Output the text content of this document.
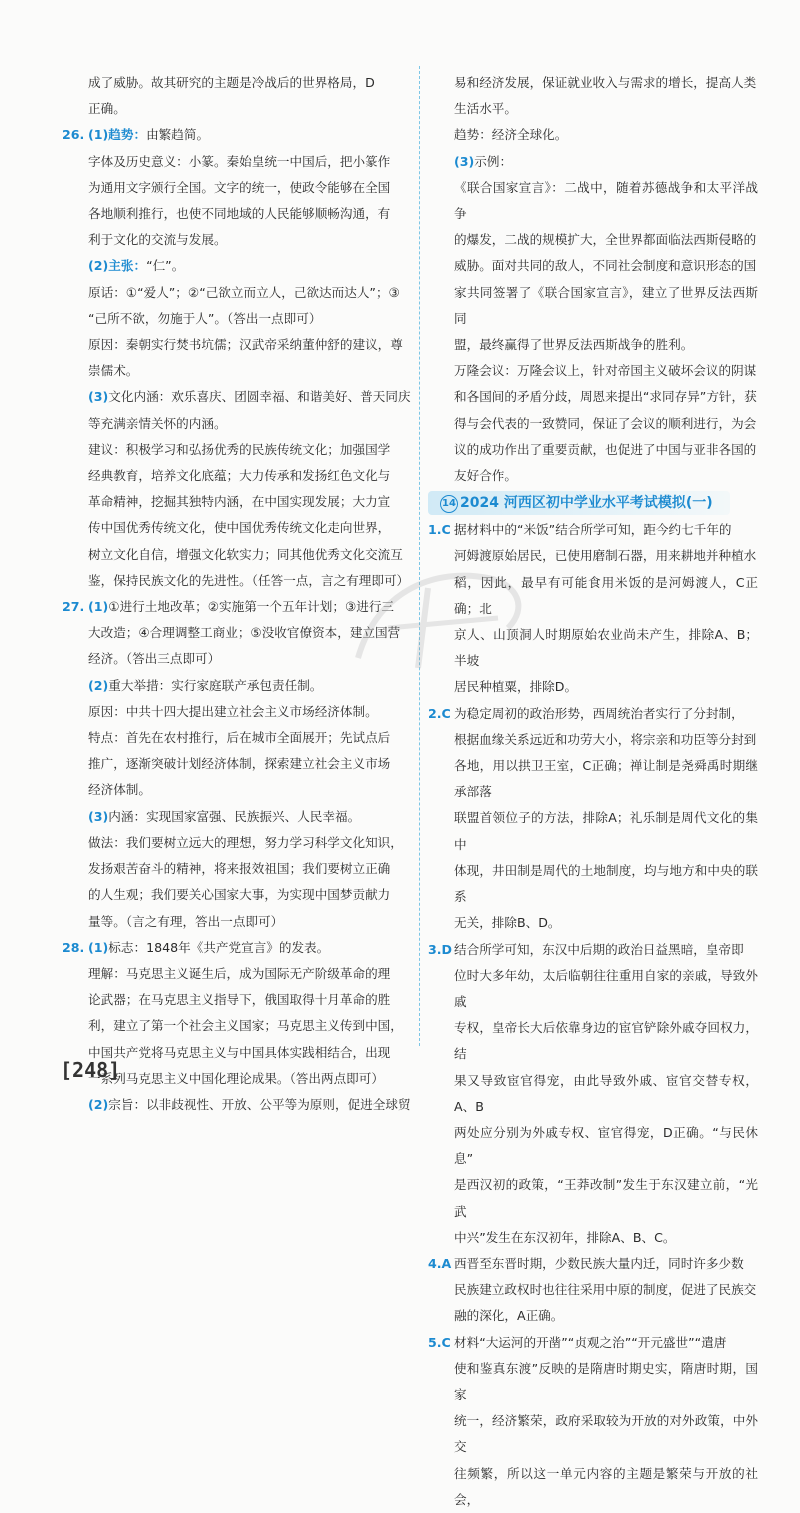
成了威胁。故其研究的主题是冷战后的世界格局，D

正确。

26. (1)趋势：由繁趋简。

字体及历史意义：小篆。秦始皇统一中国后，把小篆作

为通用文字颁行全国。文字的统一，使政令能够在全国

各地顺利推行，也使不同地域的人民能够顺畅沟通，有

利于文化的交流与发展。

(2)主张：“仁”。

原话：①“爱人”；②“己欲立而立人，己欲达而达人”；③

“己所不欲，勿施于人”。（答出一点即可）

原因：秦朝实行焚书坑儒；汉武帝采纳董仲舒的建议，尊

崇儒术。

(3)文化内涵：欢乐喜庆、团圆幸福、和谐美好、普天同庆

等充满亲情关怀的内涵。

建议：积极学习和弘扬优秀的民族传统文化；加强国学

经典教育，培养文化底蕴；大力传承和发扬红色文化与

革命精神，挖掘其独特内涵，在中国实现发展；大力宣

传中国优秀传统文化，使中国优秀传统文化走向世界，

树立文化自信，增强文化软实力；同其他优秀文化交流互

鉴，保持民族文化的先进性。（任答一点，言之有理即可）

27. (1)①进行土地改革；②实施第一个五年计划；③进行三

大改造；④合理调整工商业；⑤没收官僚资本，建立国营

经济。（答出三点即可）

(2)重大举措：实行家庭联产承包责任制。

原因：中共十四大提出建立社会主义市场经济体制。

特点：首先在农村推行，后在城市全面展开；先试点后

推广，逐渐突破计划经济体制，探索建立社会主义市场

经济体制。

(3)内涵：实现国家富强、民族振兴、人民幸福。

做法：我们要树立远大的理想，努力学习科学文化知识，

发扬艰苦奋斗的精神，将来报效祖国；我们要树立正确

的人生观；我们要关心国家大事，为实现中国梦贡献力

量等。（言之有理，答出一点即可）

28. (1)标志：1848年《共产党宣言》的发表。

理解：马克思主义诞生后，成为国际无产阶级革命的理

论武器；在马克思主义指导下，俄国取得十月革命的胜

利，建立了第一个社会主义国家；马克思主义传到中国，

中国共产党将马克思主义与中国具体实践相结合，出现

一系列马克思主义中国化理论成果。（答出两点即可）

(2)宗旨：以非歧视性、开放、公平等为原则，促进全球贸

易和经济发展，保证就业收入与需求的增长，提高人类

生活水平。

趋势：经济全球化。

(3)示例：

《联合国家宣言》：二战中，随着苏德战争和太平洋战争

的爆发，二战的规模扩大，全世界都面临法西斯侵略的

威胁。面对共同的敌人，不同社会制度和意识形态的国

家共同签署了《联合国家宣言》，建立了世界反法西斯同

盟，最终赢得了世界反法西斯战争的胜利。

万隆会议：万隆会议上，针对帝国主义破坏会议的阴谋

和各国间的矛盾分歧，周恩来提出“求同存异”方针，获

得与会代表的一致赞同，保证了会议的顺利进行，为会

议的成功作出了重要贡献，也促进了中国与亚非各国的

友好合作。

14 2024 河西区初中学业水平考试模拟(一)

1.C 据材料中的“米饭”结合所学可知，距今约七千年的

河姆渡原始居民，已使用磨制石器，用来耕地并种植水

稻，因此，最早有可能食用米饭的是河姆渡人，C正确；北

京人、山顶洞人时期原始农业尚未产生，排除A、B；半坡

居民种植粟，排除D。

2.C 为稳定周初的政治形势，西周统治者实行了分封制，

根据血缘关系远近和功劳大小，将宗亲和功臣等分封到

各地，用以拱卫王室，C正确；禅让制是尧舜禹时期继承部落

联盟首领位子的方法，排除A；礼乐制是周代文化的集中

体现，井田制是周代的土地制度，均与地方和中央的联系

无关，排除B、D。

3.D 结合所学可知，东汉中后期的政治日益黑暗，皇帝即

位时大多年幼，太后临朝往往重用自家的亲戚，导致外戚

专权，皇帝长大后依靠身边的宦官铲除外戚夺回权力，结

果又导致宦官得宠，由此导致外戚、宦官交替专权，A、B

两处应分别为外戚专权、宦官得宠，D正确。“与民休息”

是西汉初的政策，“王莽改制”发生于东汉建立前，“光武

中兴”发生在东汉初年，排除A、B、C。

4.A 西晋至东晋时期，少数民族大量内迁，同时许多少数

民族建立政权时也往往采用中原的制度，促进了民族交

融的深化，A正确。

5.C 材料“大运河的开凿”“贞观之治”“开元盛世”“遣唐

使和鉴真东渡”反映的是隋唐时期史实，隋唐时期，国家

统一，经济繁荣，政府采取较为开放的对外政策，中外交

往频繁，所以这一单元内容的主题是繁荣与开放的社会，

[248]
